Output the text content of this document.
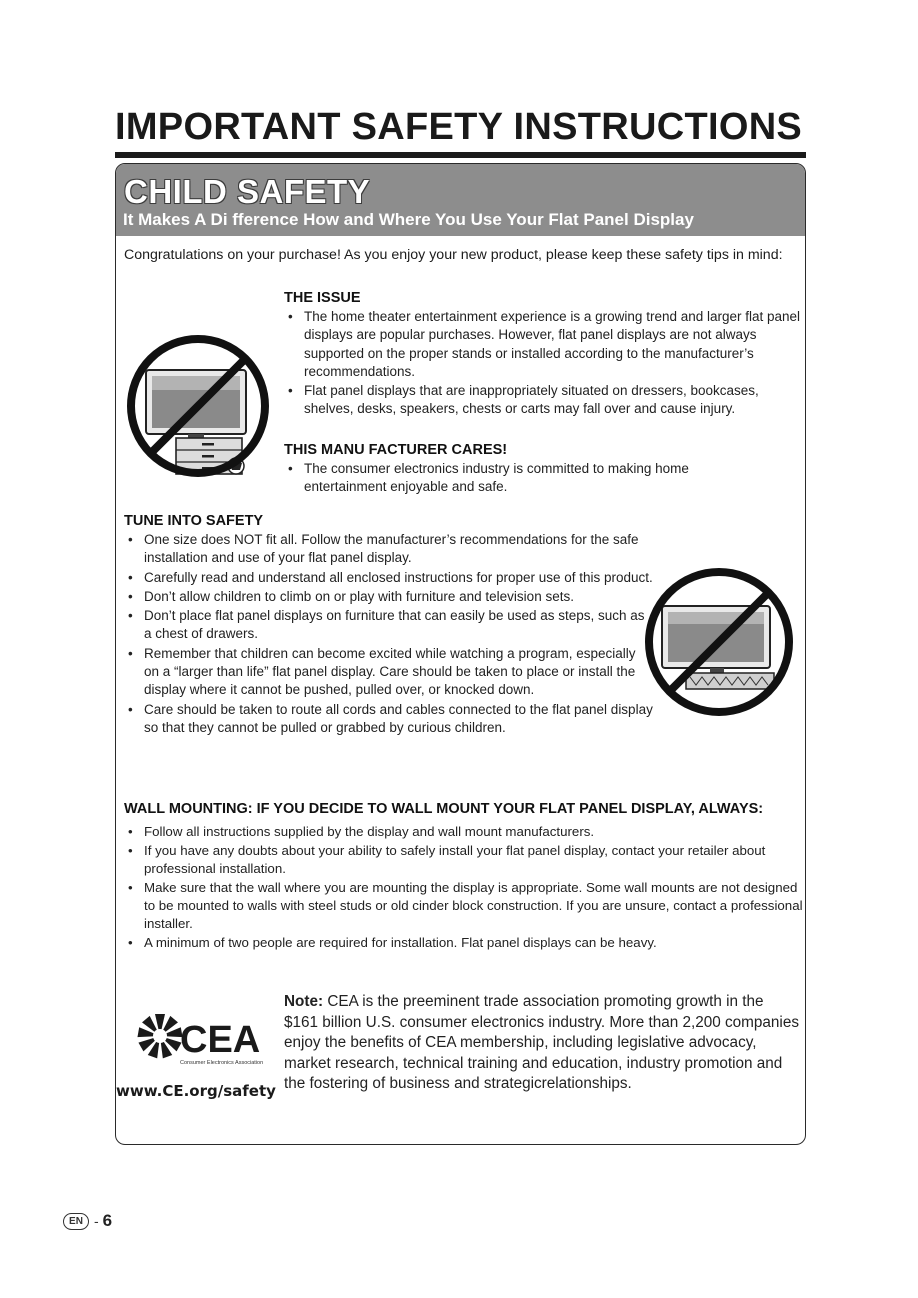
IMPORTANT SAFETY INSTRUCTIONS
CHILD SAFETY
It Makes A Di fference How and Where You Use Your Flat Panel Display

Congratulations on your purchase! As you enjoy your new product, please keep these safety tips in mind:

THE ISSUE
• The home theater entertainment experience is a growing trend and larger flat panel displays are popular purchases. However, flat panel displays are not always supported on the proper stands or installed according to the manufacturer’s recommendations.
• Flat panel displays that are inappropriately situated on dressers, bookcases, shelves, desks, speakers, chests or carts may fall over and cause injury.
THIS MANU FACTURER CARES!
• The consumer electronics industry is committed to making home entertainment enjoyable and safe.
TUNE INTO SAFETY
• One size does NOT fit all. Follow the manufacturer’s recommendations for the safe installation and use of your flat panel display.
• Carefully read and understand all enclosed instructions for proper use of this product.
• Don’t allow children to climb on or play with furniture and television sets.
• Don’t place flat panel displays on furniture that can easily be used as steps, such as a chest of drawers.
• Remember that children can become excited while watching a program, especially on a “larger than life” flat panel display. Care should be taken to place or install the display where it cannot be pushed, pulled over, or knocked down.
• Care should be taken to route all cords and cables connected to the flat panel display so that they cannot be pulled or grabbed by curious children.
WALL MOUNTING: IF YOU DECIDE TO WALL MOUNT YOUR FLAT PANEL DISPLAY, ALWAYS:
• Follow all instructions supplied by the display and wall mount manufacturers.
• If you have any doubts about your ability to safely install your flat panel display, contact your retailer about professional installation.
• Make sure that the wall where you are mounting the display is appropriate. Some wall mounts are not designed to be mounted to walls with steel studs or old cinder block construction. If you are unsure, contact a professional installer.
• A minimum of two people are required for installation. Flat panel displays can be heavy.
CEA
Consumer Electronics Association
www.CE.org/safety

Note: CEA is the preeminent trade association promoting growth in the $161 billion U.S. consumer electronics industry. More than 2,200 companies enjoy the benefits of CEA membership, including legislative advocacy, market research, technical training and education, industry promotion and the fostering of business and strategicrelationships.

EN - 6
